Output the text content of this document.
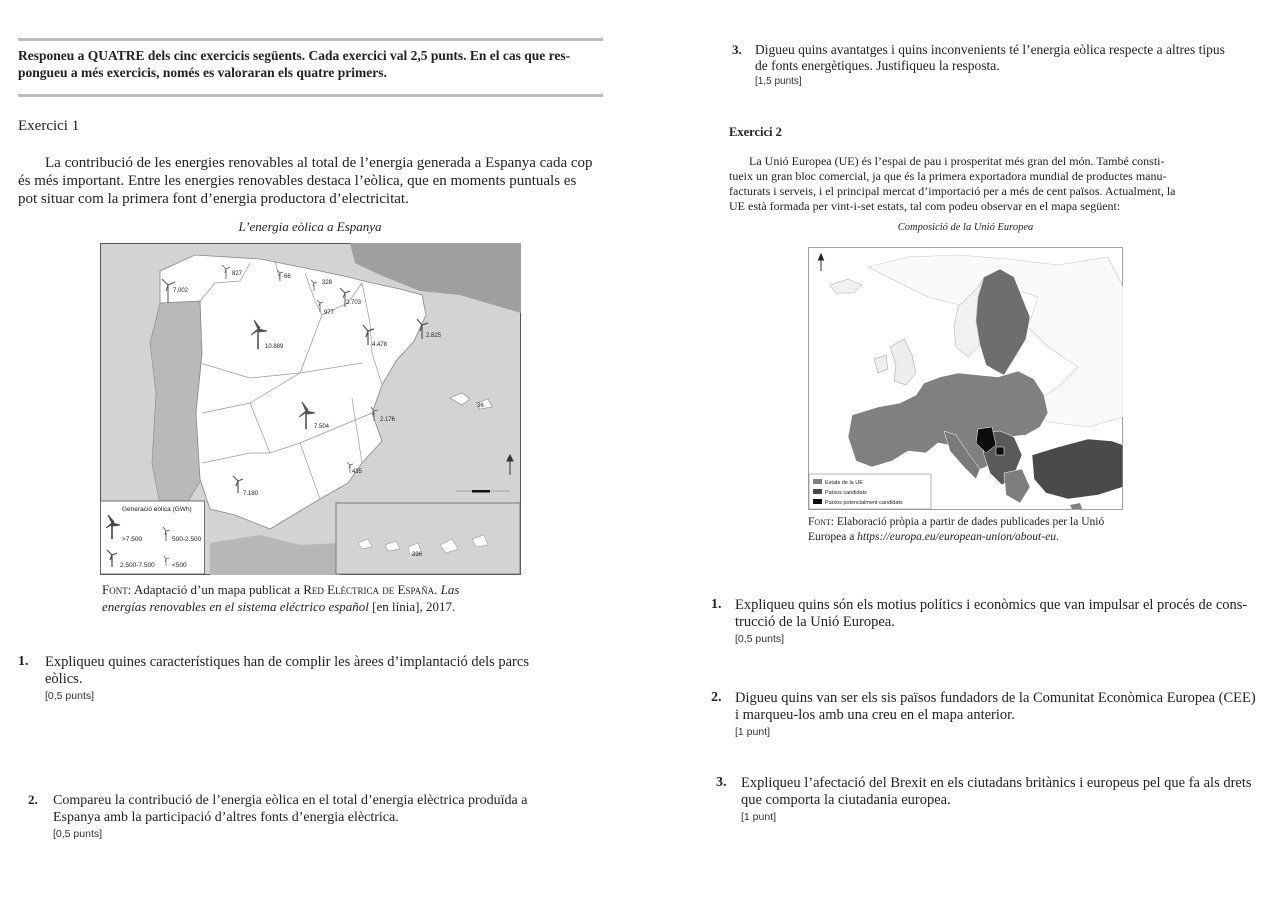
Responeu a QUATRE dels cinc exercicis següents. Cada exercici val 2,5 punts. En el cas que res-
pongueu a més exercicis, només es valoraran els quatre primers.
Exercici 1
La contribució de les energies renovables al total de l’energia generada a Espanya cada cop
és més important. Entre les energies renovables destaca l’eòlica, que en moments puntuals es
pot situar com la primera font d’energia productora d’electricitat.
L’energia eòlica a Espanya
7.002
827	66
328
2.703
977
10.889	4.478
2.825
7.504
2.176
36
435
7.180
396
Generació eòlica (GWh)
>7.500	500-2.500
2.500-7.500	<500
Font: Adaptació d’un mapa publicat a Red Eléctrica de España. Las
energías renovables en el sistema eléctrico español [en línia], 2017.
1. Expliqueu quines característiques han de complir les àrees d’implantació dels parcs
eòlics.
[0,5 punts]
2. Compareu la contribució de l’energia eòlica en el total d’energia elèctrica produïda a
Espanya amb la participació d’altres fonts d’energia elèctrica.
[0,5 punts]
3. Digueu quins avantatges i quins inconvenients té l’energia eòlica respecte a altres tipus
de fonts energètiques. Justifiqueu la resposta.
[1,5 punts]
Exercici 2
La Unió Europea (UE) és l’espai de pau i prosperitat més gran del món. També consti-
tueix un gran bloc comercial, ja que és la primera exportadora mundial de productes manu-
facturats i serveis, i el principal mercat d’importació per a més de cent països. Actualment, la
UE està formada per vint-i-set estats, tal com podeu observar en el mapa següent:
Composició de la Unió Europea
Estats de la UE
Països candidats
Països potencialment candidats
Font: Elaboració pròpia a partir de dades publicades per la Unió
Europea a https://europa.eu/european-union/about-eu.
1. Expliqueu quins són els motius polítics i econòmics que van impulsar el procés de cons-
trucció de la Unió Europea.
[0,5 punts]
2. Digueu quins van ser els sis països fundadors de la Comunitat Econòmica Europea (CEE)
i marqueu-los amb una creu en el mapa anterior.
[1 punt]
3. Expliqueu l’afectació del Brexit en els ciutadans britànics i europeus pel que fa als drets
que comporta la ciutadania europea.
[1 punt]
